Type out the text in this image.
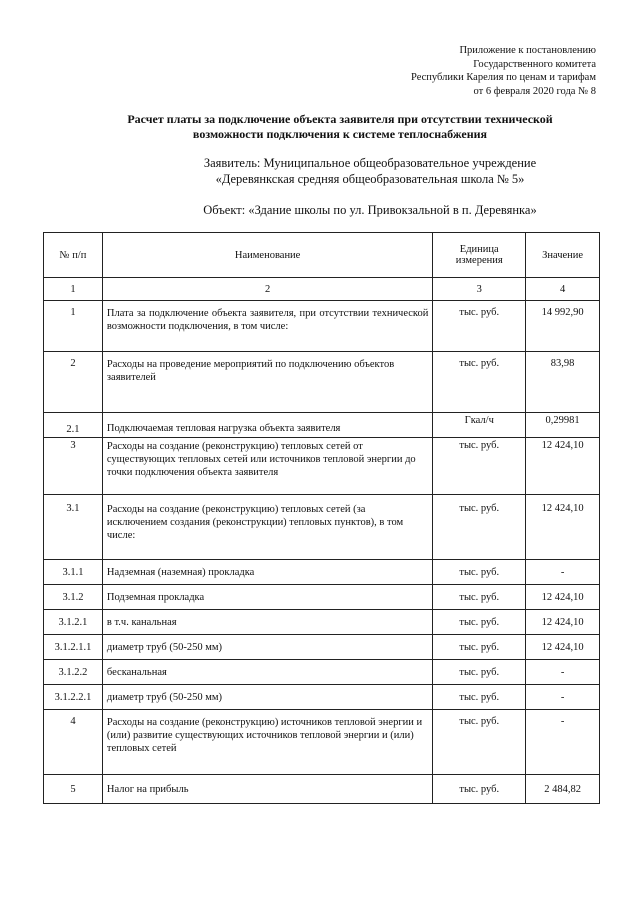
Приложение к постановлению
Государственного комитета
Республики Карелия по ценам и тарифам
от 6 февраля 2020 года № 8
Расчет платы за подключение объекта заявителя при отсутствии технической
возможности подключения к системе теплоснабжения
Заявитель: Муниципальное общеобразовательное учреждение
«Деревянкская средняя общеобразовательная школа № 5»
Объект: «Здание школы по ул. Привокзальной в п. Деревянка»
№ п/п	Наименование	Единица измерения	Значение
1	2	3	4
1	Плата за подключение объекта заявителя, при отсутствии технической возможности подключения, в том числе:	тыс. руб.	14 992,90
2	Расходы на проведение мероприятий по подключению объектов заявителей	тыс. руб.	83,98
2.1	Подключаемая тепловая нагрузка объекта заявителя	Гкал/ч	0,29981
3	Расходы на создание (реконструкцию) тепловых сетей от существующих тепловых сетей или источников тепловой энергии до точки подключения объекта заявителя	тыс. руб.	12 424,10
3.1	Расходы на создание (реконструкцию) тепловых сетей (за исключением создания (реконструкции) тепловых пунктов), в том числе:	тыс. руб.	12 424,10
3.1.1	Надземная (наземная) прокладка	тыс. руб.	-
3.1.2	Подземная прокладка	тыс. руб.	12 424,10
3.1.2.1	в т.ч. канальная	тыс. руб.	12 424,10
3.1.2.1.1	диаметр труб (50-250 мм)	тыс. руб.	12 424,10
3.1.2.2	бесканальная	тыс. руб.	-
3.1.2.2.1	диаметр труб (50-250 мм)	тыс. руб.	-
4	Расходы на создание (реконструкцию) источников тепловой энергии и (или) развитие существующих источников тепловой энергии и (или) тепловых сетей	тыс. руб.	-
5	Налог на прибыль	тыс. руб.	2 484,82
